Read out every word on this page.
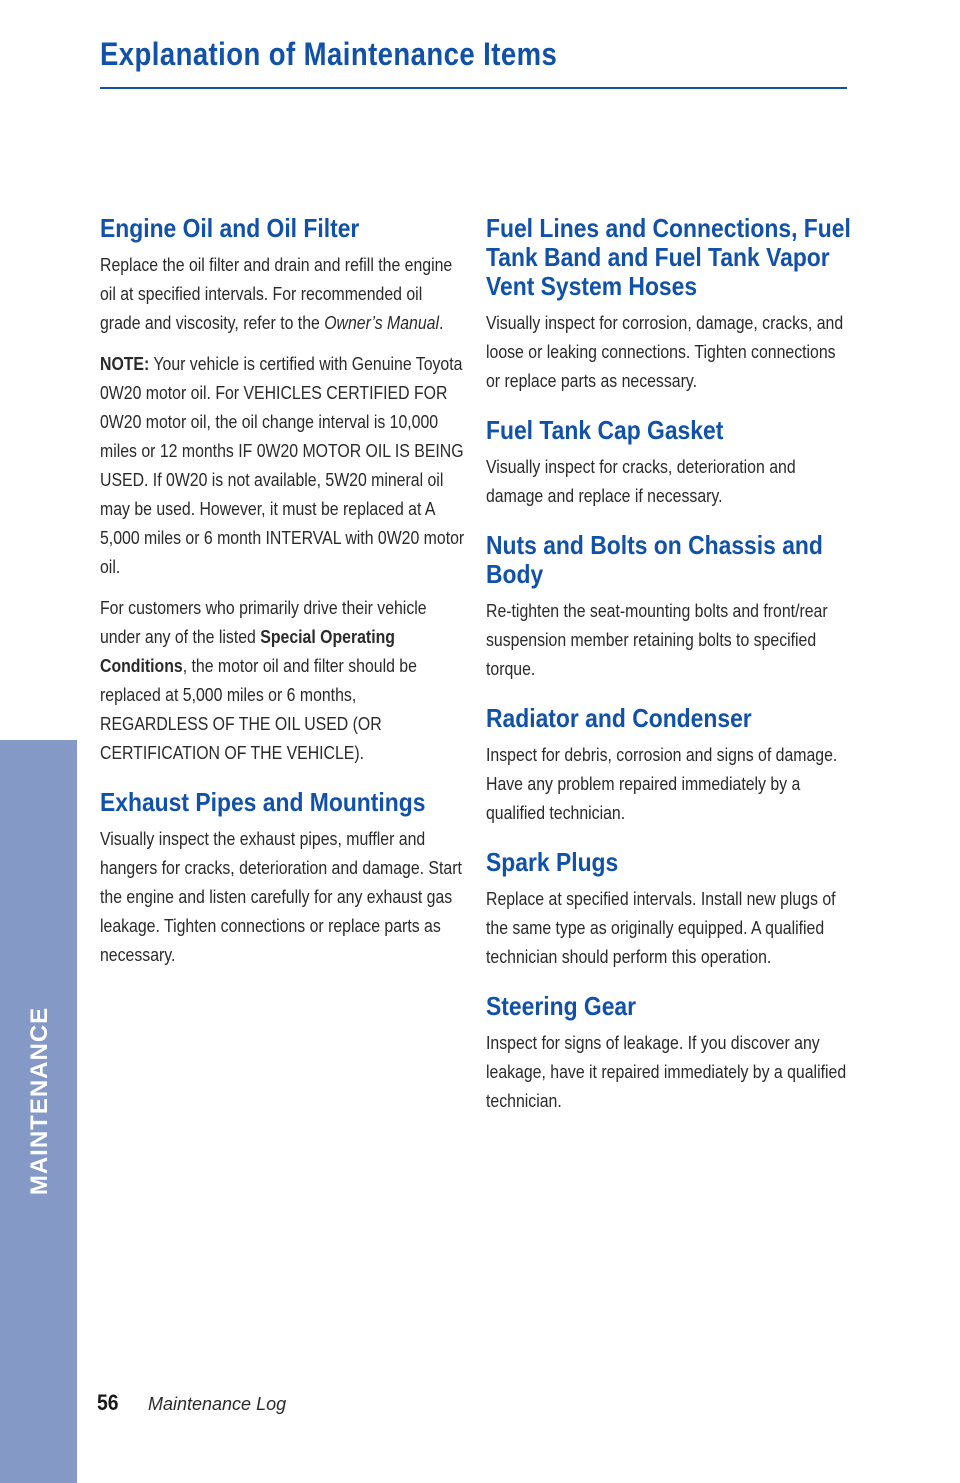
Explanation of Maintenance Items
Engine Oil and Oil Filter

Replace the oil filter and drain and refill the engine oil at specified intervals. For recommended oil grade and viscosity, refer to the Owner’s Manual.

NOTE: Your vehicle is certified with Genuine Toyota 0W20 motor oil. For VEHICLES CERTIFIED FOR 0W20 motor oil, the oil change interval is 10,000 miles or 12 months IF 0W20 MOTOR OIL IS BEING USED. If 0W20 is not available, 5W20 mineral oil may be used. However, it must be replaced at A 5,000 miles or 6 month INTERVAL with 0W20 motor oil.

For customers who primarily drive their vehicle under any of the listed Special Operating Conditions, the motor oil and filter should be replaced at 5,000 miles or 6 months, REGARDLESS OF THE OIL USED (OR CERTIFICATION OF THE VEHICLE).

Exhaust Pipes and Mountings

Visually inspect the exhaust pipes, muffler and hangers for cracks, deterioration and damage. Start the engine and listen carefully for any exhaust gas leakage. Tighten connections or replace parts as necessary.

Fuel Lines and Connections, Fuel Tank Band and Fuel Tank Vapor Vent System Hoses

Visually inspect for corrosion, damage, cracks, and loose or leaking connections. Tighten connections or replace parts as necessary.

Fuel Tank Cap Gasket

Visually inspect for cracks, deterioration and damage and replace if necessary.

Nuts and Bolts on Chassis and Body

Re-tighten the seat-mounting bolts and front/rear suspension member retaining bolts to specified torque.

Radiator and Condenser

Inspect for debris, corrosion and signs of damage. Have any problem repaired immediately by a qualified technician.

Spark Plugs

Replace at specified intervals. Install new plugs of the same type as originally equipped. A qualified technician should perform this operation.

Steering Gear

Inspect for signs of leakage. If you discover any leakage, have it repaired immediately by a qualified technician.

MAINTENANCE
56 Maintenance Log
